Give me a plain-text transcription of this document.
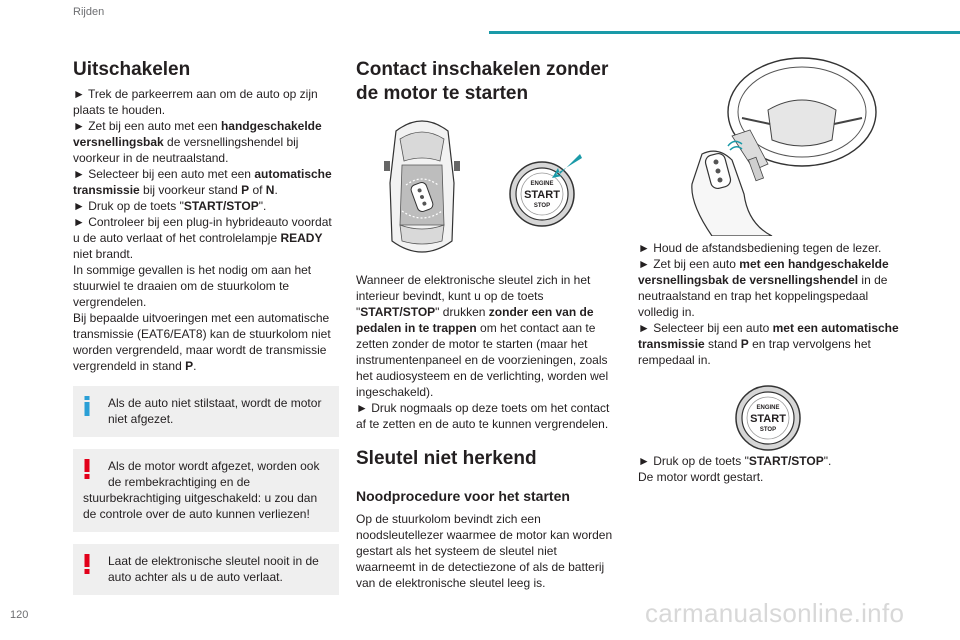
Rijden
Uitschakelen

► Trek de parkeerrem aan om de auto op zijn plaats te houden.

► Zet bij een auto met een handgeschakelde versnellingsbak de versnellingshendel bij voorkeur in de neutraalstand.

► Selecteer bij een auto met een automatische transmissie bij voorkeur stand P of N.

► Druk op de toets "START/STOP".

► Controleer bij een plug-in hybrideauto voordat u de auto verlaat of het controlelampje READY niet brandt.

In sommige gevallen is het nodig om aan het stuurwiel te draaien om de stuurkolom te vergrendelen.

Bij bepaalde uitvoeringen met een automatische transmissie (EAT6/EAT8) kan de stuurkolom niet worden vergrendeld, maar wordt de transmissie vergrendeld in stand P.

Als de auto niet stilstaat, wordt de motor niet afgezet.
Als de motor wordt afgezet, worden ook de rembekrachtiging en de
stuurbekrachtiging uitgeschakeld: u zou dan de controle over de auto kunnen verliezen!
Laat de elektronische sleutel nooit in de auto achter als u de auto verlaat.
Contact inschakelen zonder de motor te starten
ENGINE
START
STOP

Wanneer de elektronische sleutel zich in het interieur bevindt, kunt u op de toets "START/STOP" drukken zonder een van de pedalen in te trappen om het contact aan te zetten zonder de motor te starten (maar het instrumentenpaneel en de voorzieningen, zoals het audiosysteem en de verlichting, worden wel ingeschakeld).

► Druk nogmaals op deze toets om het contact af te zetten en de auto te kunnen vergrendelen.

Sleutel niet herkend
Noodprocedure voor het starten

Op de stuurkolom bevindt zich een noodsleutellezer waarmee de motor kan worden gestart als het systeem de sleutel niet waarneemt in de detectiezone of als de batterij van de elektronische sleutel leeg is.

► Houd de afstandsbediening tegen de lezer.

► Zet bij een auto met een handgeschakelde versnellingsbak de versnellingshendel in de neutraalstand en trap het koppelingspedaal volledig in.

► Selecteer bij een auto met een automatische transmissie stand P en trap vervolgens het rempedaal in.

ENGINE
START
STOP

► Druk op de toets "START/STOP".

De motor wordt gestart.

120	carmanualsonline.info
